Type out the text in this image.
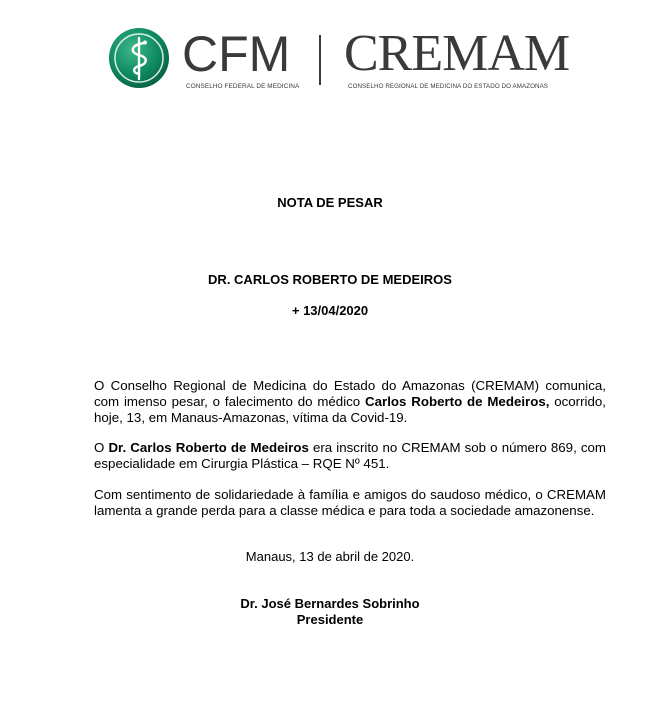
CFM
CONSELHO FEDERAL DE MEDICINA
CREMAM
CONSELHO REGIONAL DE MEDICINA DO ESTADO DO AMAZONAS
NOTA DE PESAR
DR. CARLOS ROBERTO DE MEDEIROS
+ 13/04/2020
O Conselho Regional de Medicina do Estado do Amazonas (CREMAM) comunica,
com imenso pesar, o falecimento do médico Carlos Roberto de Medeiros, ocorrido,
hoje, 13, em Manaus-Amazonas, vítima da Covid-19.
O Dr. Carlos Roberto de Medeiros era inscrito no CREMAM sob o número 869, com
especialidade em Cirurgia Plástica – RQE Nº 451.
Com sentimento de solidariedade à família e amigos do saudoso médico, o CREMAM
lamenta a grande perda para a classe médica e para toda a sociedade amazonense.
Manaus, 13 de abril de 2020.
Dr. José Bernardes Sobrinho
Presidente
